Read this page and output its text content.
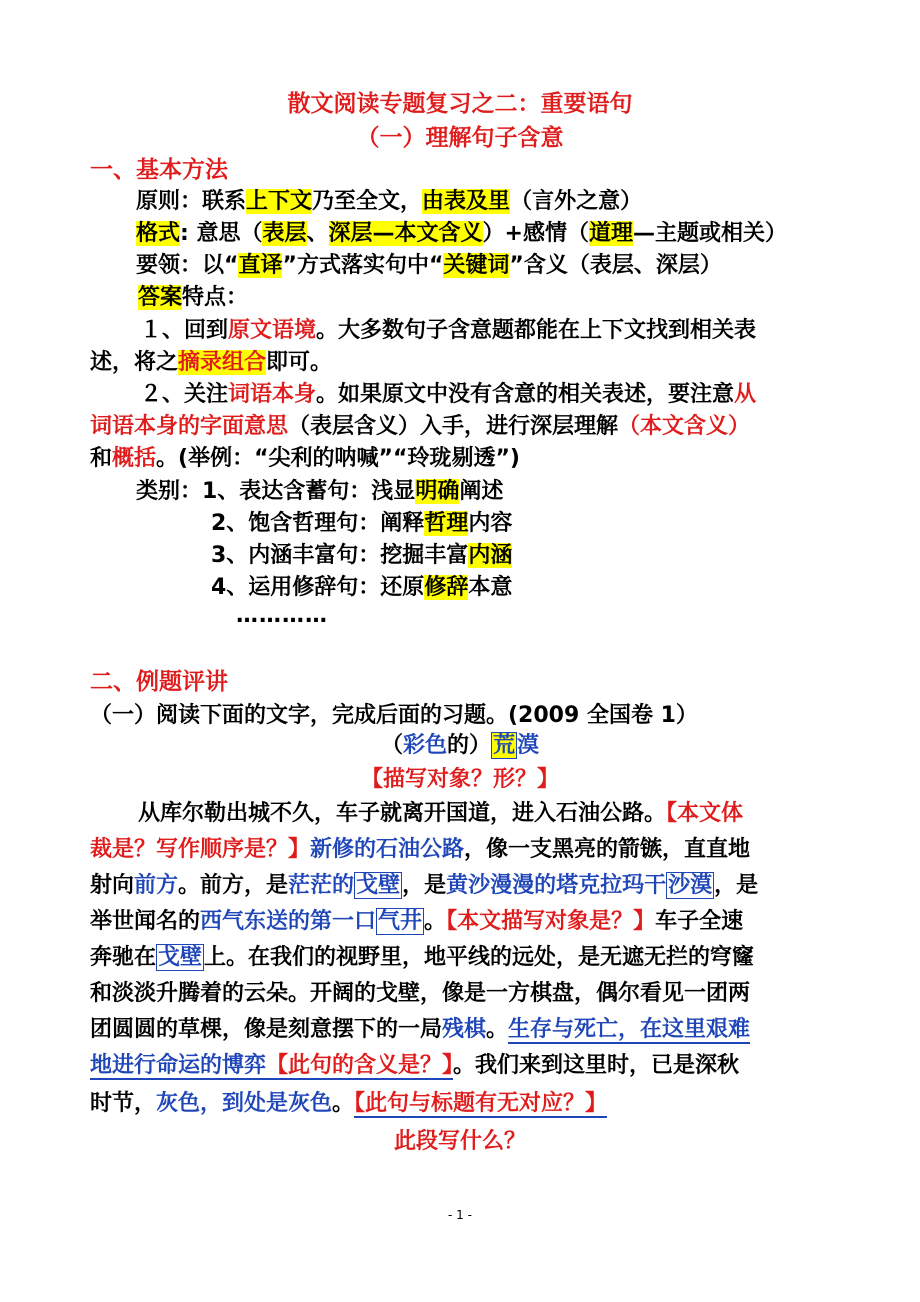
散文阅读专题复习之二：重要语句
（一）理解句子含意
一、基本方法
原则：联系上下文乃至全文，由表及里（言外之意）
格式: 意思（表层、深层—本文含义）+感情（道理—主题或相关）
要领：以“直译”方式落实句中“关键词”含义（表层、深层）
答案特点：
１、回到原文语境。大多数句子含意题都能在上下文找到相关表
述，将之摘录组合即可。
２、关注词语本身。如果原文中没有含意的相关表述，要注意从
词语本身的字面意思（表层含义）入手，进行深层理解（本文含义）
和概括。(举例：“尖利的呐喊”“玲珑剔透”)
类别：1、表达含蓄句：浅显明确阐述
2、饱含哲理句：阐释哲理内容
3、内涵丰富句：挖掘丰富内涵
4、运用修辞句：还原修辞本意
…………
二、例题评讲
（一）阅读下面的文字，完成后面的习题。(2009 全国卷 1）
（彩色的）荒漠
【描写对象？形？】
从库尔勒出城不久，车子就离开国道，进入石油公路。【本文体
裁是？写作顺序是？】新修的石油公路，像一支黑亮的箭镞，直直地
射向前方。前方，是茫茫的戈壁，是黄沙漫漫的塔克拉玛干沙漠，是
举世闻名的西气东送的第一口气井。【本文描写对象是？】车子全速
奔驰在戈壁上。在我们的视野里，地平线的远处，是无遮无拦的穹窿
和淡淡升腾着的云朵。开阔的戈壁，像是一方棋盘，偶尔看见一团两
团圆圆的草棵，像是刻意摆下的一局残棋。生存与死亡，在这里艰难
地进行命运的博弈【此句的含义是？】。我们来到这里时，已是深秋
时节，灰色，到处是灰色。【此句与标题有无对应？】
此段写什么？
- 1 -
